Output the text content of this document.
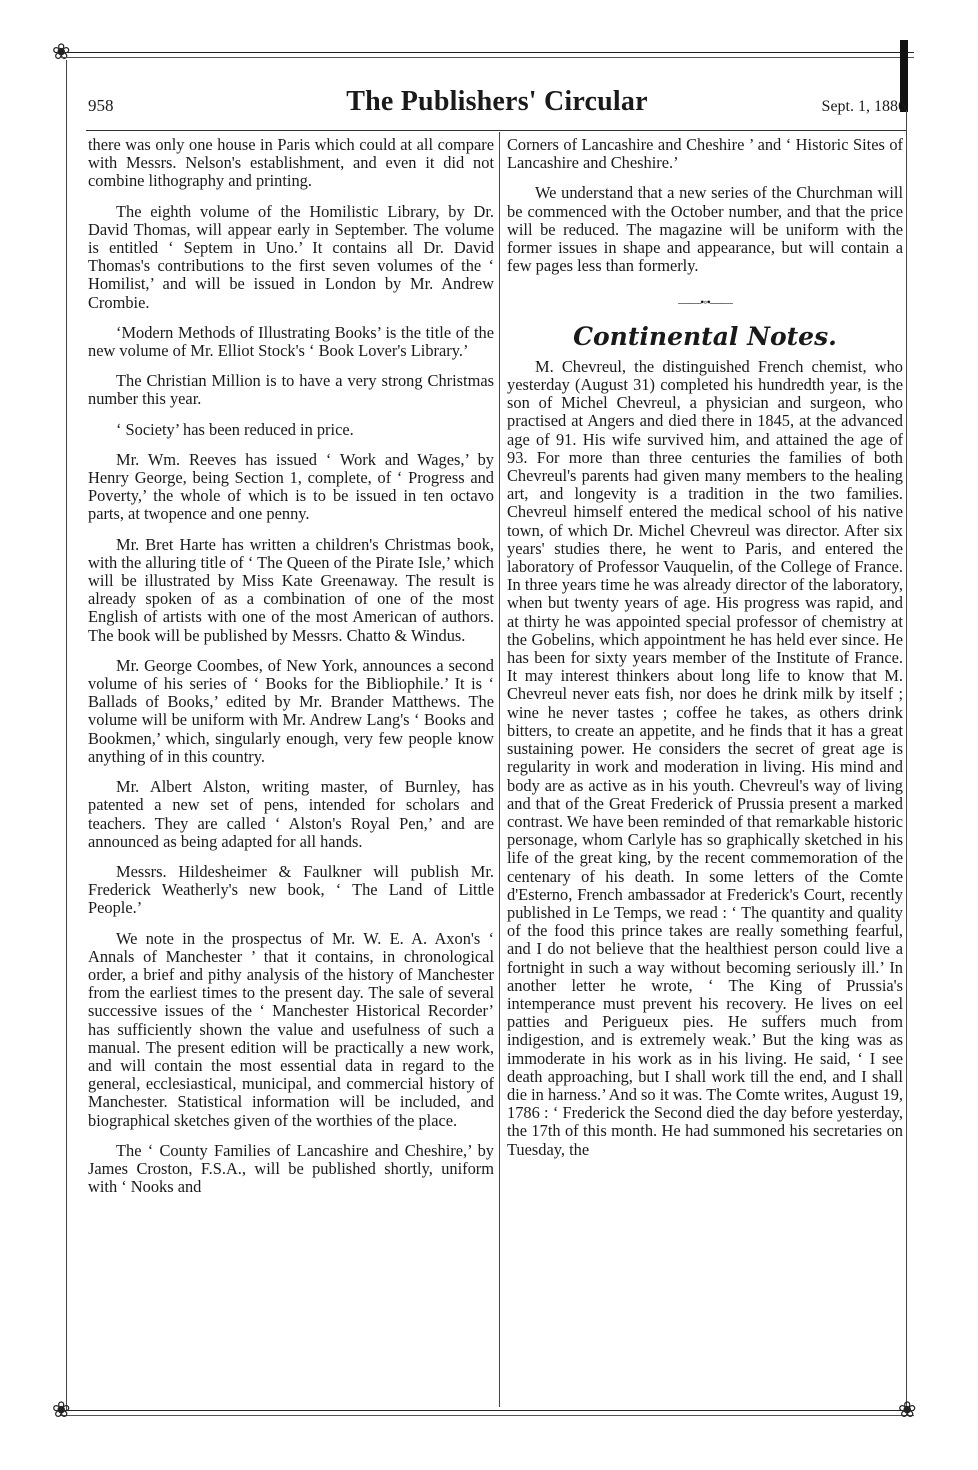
❀
958	The Publishers' Circular	Sept. 1, 1886

there was only one house in Paris which could at all compare with Messrs. Nelson's establishment, and even it did not combine lithography and printing.

The eighth volume of the Homilistic Library, by Dr. David Thomas, will appear early in September. The volume is entitled ‘ Septem in Uno.’ It contains all Dr. David Thomas's contributions to the first seven volumes of the ‘ Homilist,’ and will be issued in London by Mr. Andrew Crombie.

‘Modern Methods of Illustrating Books’ is the title of the new volume of Mr. Elliot Stock's ‘ Book Lover's Library.’

The Christian Million is to have a very strong Christmas number this year.

‘ Society’ has been reduced in price.

Mr. Wm. Reeves has issued ‘ Work and Wages,’ by Henry George, being Section 1, complete, of ‘ Progress and Poverty,’ the whole of which is to be issued in ten octavo parts, at twopence and one penny.

Mr. Bret Harte has written a children's Christmas book, with the alluring title of ‘ The Queen of the Pirate Isle,’ which will be illustrated by Miss Kate Greenaway. The result is already spoken of as a combination of one of the most English of artists with one of the most American of authors. The book will be published by Messrs. Chatto & Windus.

Mr. George Coombes, of New York, announces a second volume of his series of ‘ Books for the Bibliophile.’ It is ‘ Ballads of Books,’ edited by Mr. Brander Matthews. The volume will be uniform with Mr. Andrew Lang's ‘ Books and Bookmen,’ which, singularly enough, very few people know anything of in this country.

Mr. Albert Alston, writing master, of Burnley, has patented a new set of pens, intended for scholars and teachers. They are called ‘ Alston's Royal Pen,’ and are announced as being adapted for all hands.

Messrs. Hildesheimer & Faulkner will publish Mr. Frederick Weatherly's new book, ‘ The Land of Little People.’

We note in the prospectus of Mr. W. E. A. Axon's ‘ Annals of Manchester ’ that it contains, in chronological order, a brief and pithy analysis of the history of Manchester from the earliest times to the present day. The sale of several successive issues of the ‘ Manchester Historical Recorder’ has sufficiently shown the value and usefulness of such a manual. The present edition will be practically a new work, and will contain the most essential data in regard to the general, ecclesiastical, municipal, and commercial history of Manchester. Statistical information will be included, and biographical sketches given of the worthies of the place.

The ‘ County Families of Lancashire and Cheshire,’ by James Croston, F.S.A., will be published shortly, uniform with ‘ Nooks and

Corners of Lancashire and Cheshire ’ and ‘ Historic Sites of Lancashire and Cheshire.’

We understand that a new series of the Churchman will be commenced with the October number, and that the price will be reduced. The magazine will be uniform with the former issues in shape and appearance, but will contain a few pages less than formerly.

——•◦•——
Continental Notes.

M. Chevreul, the distinguished French chemist, who yesterday (August 31) completed his hundredth year, is the son of Michel Chevreul, a physician and surgeon, who practised at Angers and died there in 1845, at the advanced age of 91. His wife survived him, and attained the age of 93. For more than three centuries the families of both Chevreul's parents had given many members to the healing art, and longevity is a tradition in the two families. Chevreul himself entered the medical school of his native town, of which Dr. Michel Chevreul was director. After six years' studies there, he went to Paris, and entered the laboratory of Professor Vauquelin, of the College of France. In three years time he was already director of the laboratory, when but twenty years of age. His progress was rapid, and at thirty he was appointed special professor of chemistry at the Gobelins, which appointment he has held ever since. He has been for sixty years member of the Institute of France. It may interest thinkers about long life to know that M. Chevreul never eats fish, nor does he drink milk by itself ; wine he never tastes ; coffee he takes, as others drink bitters, to create an appetite, and he finds that it has a great sustaining power. He considers the secret of great age is regularity in work and moderation in living. His mind and body are as active as in his youth. Chevreul's way of living and that of the Great Frederick of Prussia present a marked contrast. We have been reminded of that remarkable historic personage, whom Carlyle has so graphically sketched in his life of the great king, by the recent commemoration of the centenary of his death. In some letters of the Comte d'Esterno, French ambassador at Frederick's Court, recently published in Le Temps, we read : ‘ The quantity and quality of the food this prince takes are really something fearful, and I do not believe that the healthiest person could live a fortnight in such a way without becoming seriously ill.’ In another letter he wrote, ‘ The King of Prussia's intemperance must prevent his recovery. He lives on eel patties and Perigueux pies. He suffers much from indigestion, and is extremely weak.’ But the king was as immoderate in his work as in his living. He said, ‘ I see death approaching, but I shall work till the end, and I shall die in harness.’ And so it was. The Comte writes, August 19, 1786 : ‘ Frederick the Second died the day before yesterday, the 17th of this month. He had summoned his secretaries on Tuesday, the

❀	❀
